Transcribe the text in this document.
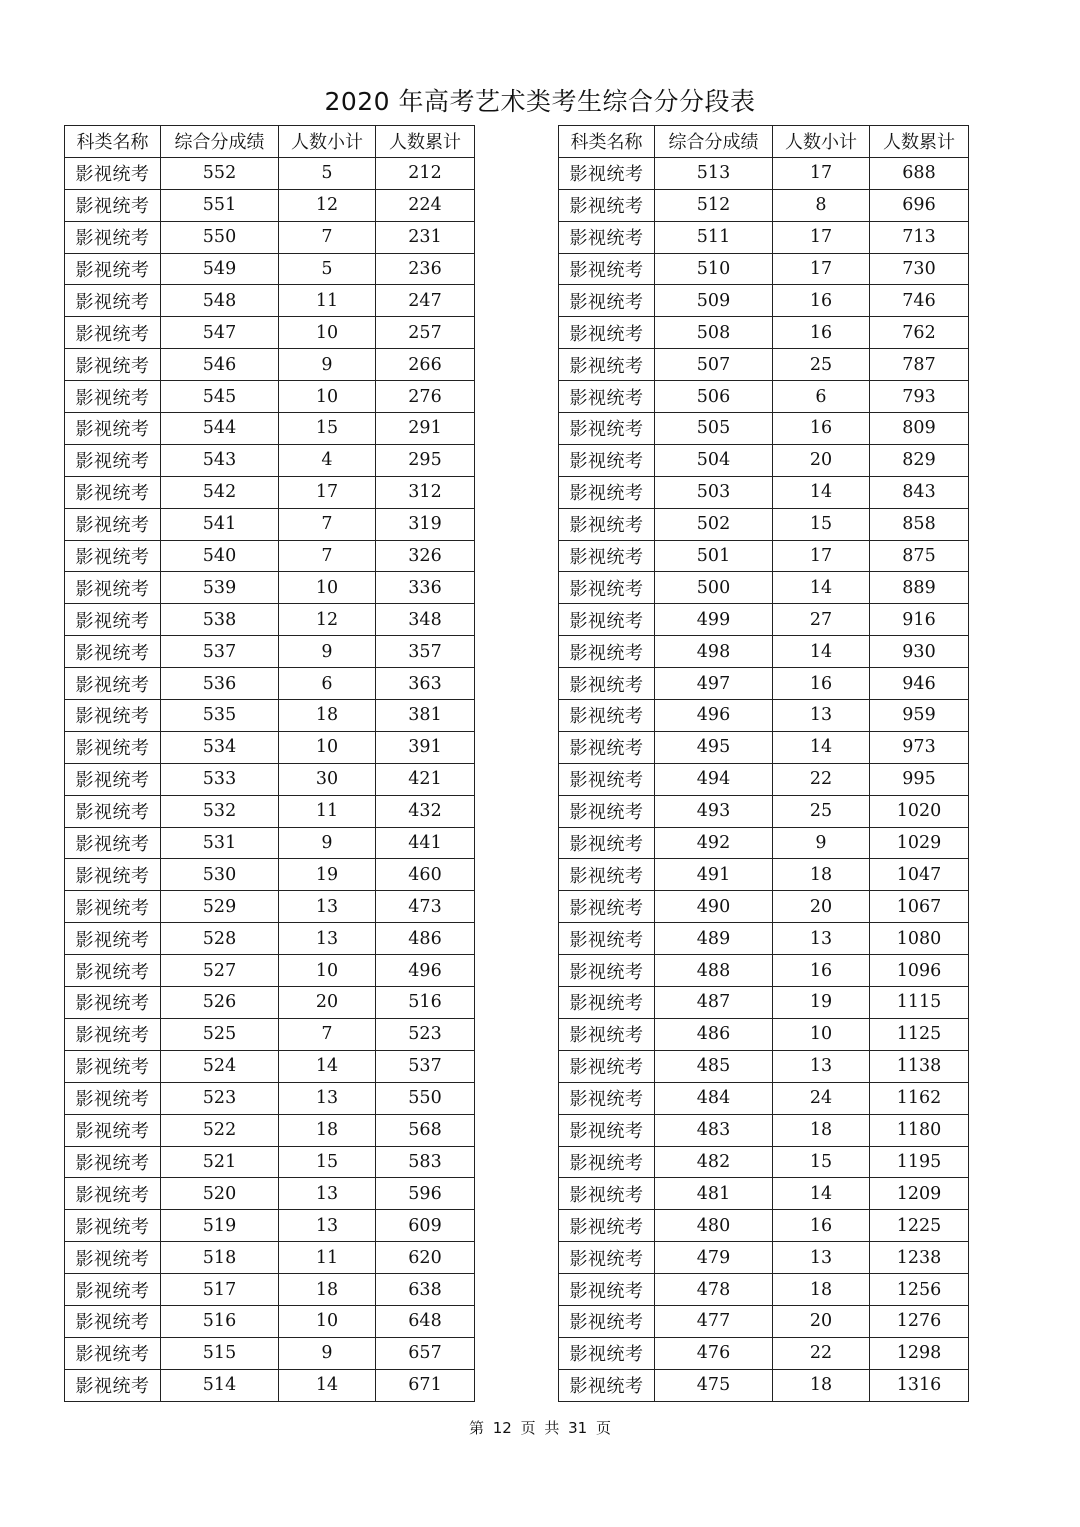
2020 年高考艺术类考生综合分分段表
科类名称	综合分成绩	人数小计	人数累计
影视统考	552	5	212
影视统考	551	12	224
影视统考	550	7	231
影视统考	549	5	236
影视统考	548	11	247
影视统考	547	10	257
影视统考	546	9	266
影视统考	545	10	276
影视统考	544	15	291
影视统考	543	4	295
影视统考	542	17	312
影视统考	541	7	319
影视统考	540	7	326
影视统考	539	10	336
影视统考	538	12	348
影视统考	537	9	357
影视统考	536	6	363
影视统考	535	18	381
影视统考	534	10	391
影视统考	533	30	421
影视统考	532	11	432
影视统考	531	9	441
影视统考	530	19	460
影视统考	529	13	473
影视统考	528	13	486
影视统考	527	10	496
影视统考	526	20	516
影视统考	525	7	523
影视统考	524	14	537
影视统考	523	13	550
影视统考	522	18	568
影视统考	521	15	583
影视统考	520	13	596
影视统考	519	13	609
影视统考	518	11	620
影视统考	517	18	638
影视统考	516	10	648
影视统考	515	9	657
影视统考	514	14	671
科类名称	综合分成绩	人数小计	人数累计
影视统考	513	17	688
影视统考	512	8	696
影视统考	511	17	713
影视统考	510	17	730
影视统考	509	16	746
影视统考	508	16	762
影视统考	507	25	787
影视统考	506	6	793
影视统考	505	16	809
影视统考	504	20	829
影视统考	503	14	843
影视统考	502	15	858
影视统考	501	17	875
影视统考	500	14	889
影视统考	499	27	916
影视统考	498	14	930
影视统考	497	16	946
影视统考	496	13	959
影视统考	495	14	973
影视统考	494	22	995
影视统考	493	25	1020
影视统考	492	9	1029
影视统考	491	18	1047
影视统考	490	20	1067
影视统考	489	13	1080
影视统考	488	16	1096
影视统考	487	19	1115
影视统考	486	10	1125
影视统考	485	13	1138
影视统考	484	24	1162
影视统考	483	18	1180
影视统考	482	15	1195
影视统考	481	14	1209
影视统考	480	16	1225
影视统考	479	13	1238
影视统考	478	18	1256
影视统考	477	20	1276
影视统考	476	22	1298
影视统考	475	18	1316
第 12 页 共 31 页
